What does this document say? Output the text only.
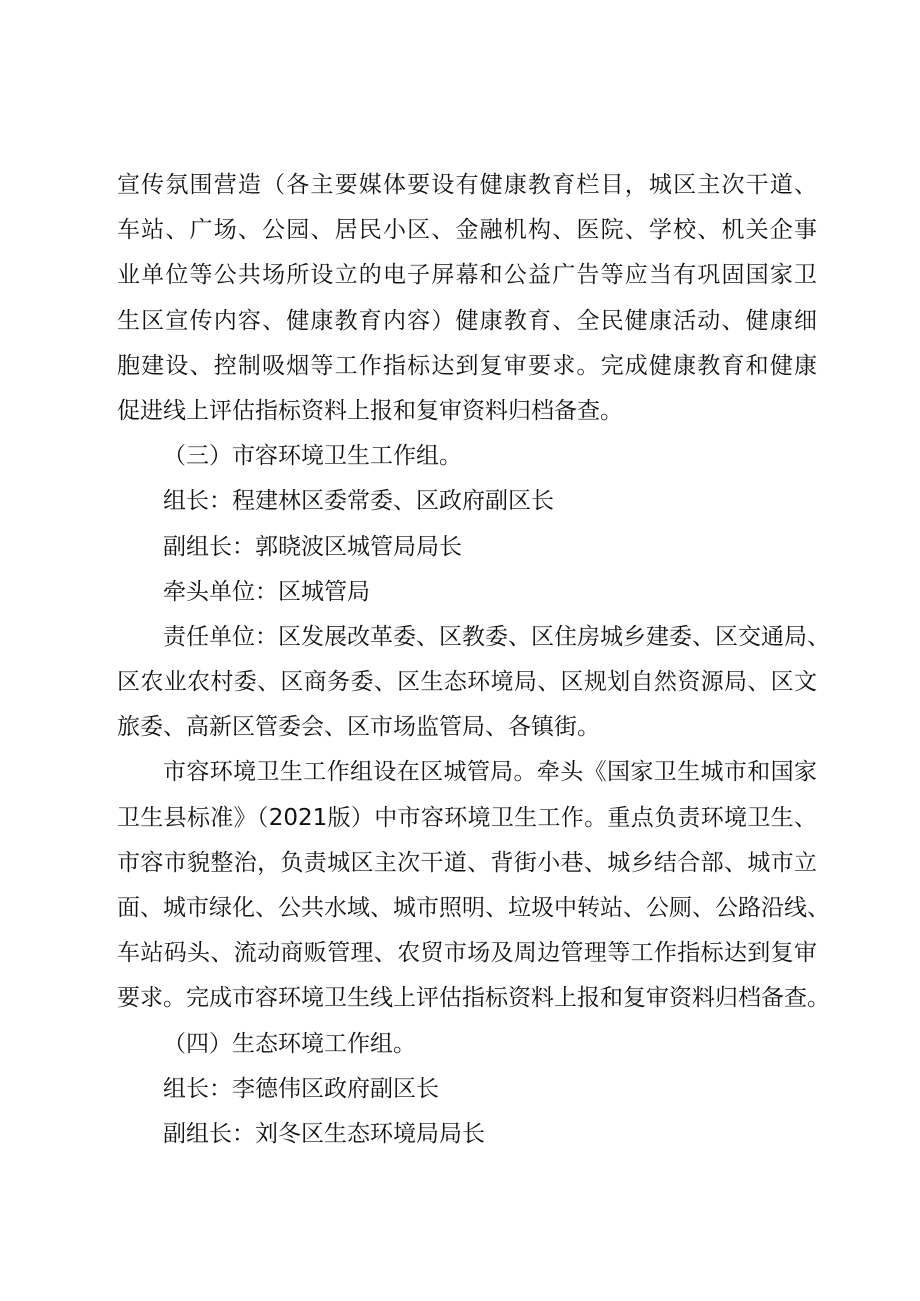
宣传氛围营造（各主要媒体要设有健康教育栏目，城区主次干道、
车站、广场、公园、居民小区、金融机构、医院、学校、机关企事
业单位等公共场所设立的电子屏幕和公益广告等应当有巩固国家卫
生区宣传内容、健康教育内容）健康教育、全民健康活动、健康细
胞建设、控制吸烟等工作指标达到复审要求。完成健康教育和健康
促进线上评估指标资料上报和复审资料归档备查。
（三）市容环境卫生工作组。
组长：程建林区委常委、区政府副区长
副组长：郭晓波区城管局局长
牵头单位：区城管局
责任单位：区发展改革委、区教委、区住房城乡建委、区交通局、
区农业农村委、区商务委、区生态环境局、区规划自然资源局、区文
旅委、高新区管委会、区市场监管局、各镇街。
市容环境卫生工作组设在区城管局。牵头《国家卫生城市和国家
卫生县标准》（2021版）中市容环境卫生工作。重点负责环境卫生、
市容市貌整治，负责城区主次干道、背街小巷、城乡结合部、城市立
面、城市绿化、公共水域、城市照明、垃圾中转站、公厕、公路沿线、
车站码头、流动商贩管理、农贸市场及周边管理等工作指标达到复审
要求。完成市容环境卫生线上评估指标资料上报和复审资料归档备查。
（四）生态环境工作组。
组长：李德伟区政府副区长
副组长：刘冬区生态环境局局长
